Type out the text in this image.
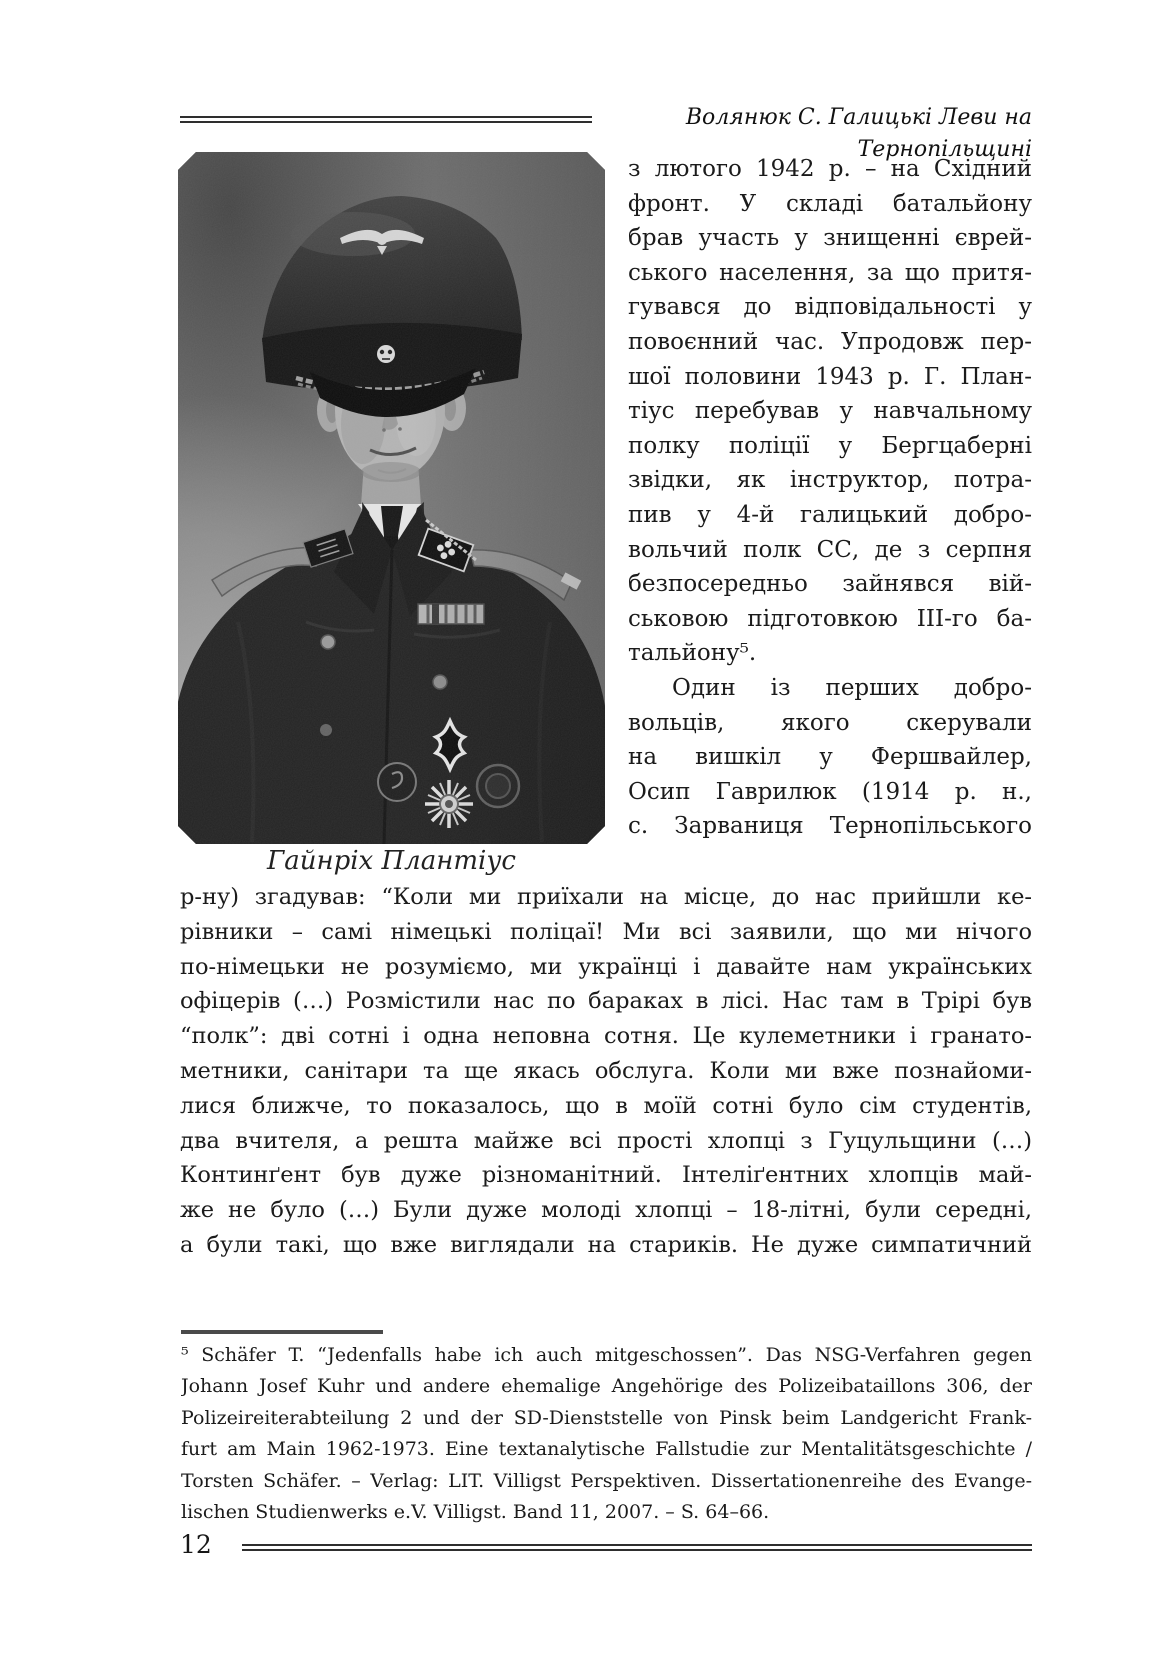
Волянюк С. Галицькі Леви на Тернопільщині
Гайнріх Плантіус
з лютого 1942 р. – на Східний
фронт. У складі батальйону
брав участь у знищенні єврей-
ського населення, за що притя-
гувався до відповідальності у
повоєнний час. Упродовж пер-
шої половини 1943 р. Г. План-
тіус перебував у навчальному
полку поліції у Бергцаберні
звідки, як інструктор, потра-
пив у 4-й галицький добро-
вольчий полк СС, де з серпня
безпосередньо зайнявся вій-
ськовою підготовкою ІІІ-го ба-
тальйону⁵.
Один із перших добро-
вольців, якого скерували
на вишкіл у Фершвайлер,
Осип Гаврилюк (1914 р. н.,
с. Зарваниця Тернопільського
р-ну) згадував: “Коли ми приїхали на місце, до нас прийшли ке-
рівники – самі німецькі поліцаї! Ми всі заявили, що ми нічого
по-німецьки не розуміємо, ми українці і давайте нам українських
офіцерів (…) Розмістили нас по бараках в лісі. Нас там в Трірі був
“полк”: дві сотні і одна неповна сотня. Це кулеметники і гранато-
метники, санітари та ще якась обслуга. Коли ми вже познайоми-
лися ближче, то показалось, що в моїй сотні було сім студентів,
два вчителя, а решта майже всі прості хлопці з Гуцульщини (…)
Континґент був дуже різноманітний. Інтеліґентних хлопців май-
же не було (…) Були дуже молоді хлопці – 18-літні, були середні,
а були такі, що вже виглядали на стариків. Не дуже симпатичний
⁵ Schäfer T. “Jedenfalls habe ich auch mitgeschossen”. Das NSG-Verfahren gegen
Johann Josef Kuhr und andere ehemalige Angehörige des Polizeibataillons 306, der
Polizeireiterabteilung 2 und der SD-Dienststelle von Pinsk beim Landgericht Frank-
furt am Main 1962-1973. Eine textanalytische Fallstudie zur Mentalitätsgeschichte /
Torsten Schäfer. – Verlag: LIT. Villigst Perspektiven. Dissertationenreihe des Evange-
lischen Studienwerks e.V. Villigst. Band 11, 2007. – S. 64–66.
12
